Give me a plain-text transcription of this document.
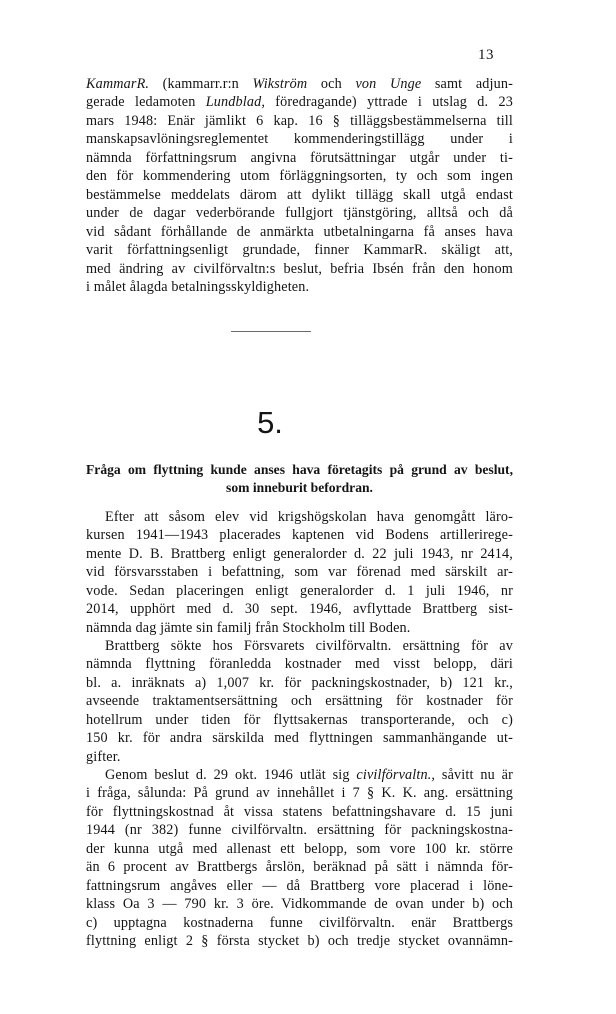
13
KammarR. (kammarr.r:n Wikström och von Unge samt adjun-
gerade ledamoten Lundblad, föredragande) yttrade i utslag d. 23
mars 1948: Enär jämlikt 6 kap. 16 § tilläggsbestämmelserna till
manskapsavlöningsreglementet kommenderingstillägg under i
nämnda författningsrum angivna förutsättningar utgår under ti-
den för kommendering utom förläggningsorten, ty och som ingen
bestämmelse meddelats därom att dylikt tillägg skall utgå endast
under de dagar vederbörande fullgjort tjänstgöring, alltså och då
vid sådant förhållande de anmärkta utbetalningarna få anses hava
varit författningsenligt grundade, finner KammarR. skäligt att,
med ändring av civilförvaltn:s beslut, befria Ibsén från den honom
i målet ålagda betalningsskyldigheten.
5.
Fråga om flyttning kunde anses hava företagits på grund av beslut,
som inneburit befordran.
Efter att såsom elev vid krigshögskolan hava genomgått läro-
kursen 1941—1943 placerades kaptenen vid Bodens artillerirege-
mente D. B. Brattberg enligt generalorder d. 22 juli 1943, nr 2414,
vid försvarsstaben i befattning, som var förenad med särskilt ar-
vode. Sedan placeringen enligt generalorder d. 1 juli 1946, nr
2014, upphört med d. 30 sept. 1946, avflyttade Brattberg sist-
nämnda dag jämte sin familj från Stockholm till Boden.
Brattberg sökte hos Försvarets civilförvaltn. ersättning för av
nämnda flyttning föranledda kostnader med visst belopp, däri
bl. a. inräknats a) 1,007 kr. för packningskostnader, b) 121 kr.,
avseende traktamentsersättning och ersättning för kostnader för
hotellrum under tiden för flyttsakernas transporterande, och c)
150 kr. för andra särskilda med flyttningen sammanhängande ut-
gifter.
Genom beslut d. 29 okt. 1946 utlät sig civilförvaltn., såvitt nu är
i fråga, sålunda: På grund av innehållet i 7 § K. K. ang. ersättning
för flyttningskostnad åt vissa statens befattningshavare d. 15 juni
1944 (nr 382) funne civilförvaltn. ersättning för packningskostna-
der kunna utgå med allenast ett belopp, som vore 100 kr. större
än 6 procent av Brattbergs årslön, beräknad på sätt i nämnda för-
fattningsrum angåves eller — då Brattberg vore placerad i löne-
klass Oa 3 — 790 kr. 3 öre. Vidkommande de ovan under b) och
c) upptagna kostnaderna funne civilförvaltn. enär Brattbergs
flyttning enligt 2 § första stycket b) och tredje stycket ovannämn-
